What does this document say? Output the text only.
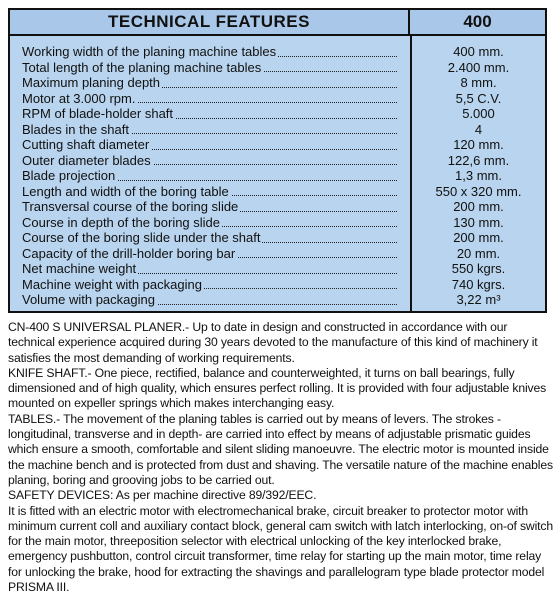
TECHNICAL FEATURES	400
Working width of the planing machine tables	400 mm.
Total length of the planing machine tables	2.400 mm.
Maximum planing depth	8 mm.
Motor at 3.000 rpm.	5,5 C.V.
RPM of blade-holder shaft	5.000
Blades in the shaft	4
Cutting shaft diameter	120 mm.
Outer diameter blades	122,6 mm.
Blade projection	1,3 mm.
Length and width of the boring table	550 x 320 mm.
Transversal course of the boring slide	200 mm.
Course in depth of the boring slide	130 mm.
Course of the boring slide under the shaft	200 mm.
Capacity of the drill-holder boring bar	20 mm.
Net machine weight	550 kgrs.
Machine weight with packaging	740 kgrs.
Volume with packaging	3,22 m³

CN-400 S UNIVERSAL PLANER.- Up to date in design and constructed in accordance with our technical experience acquired during 30 years devoted to the manufacture of this kind of machinery it satisfies the most demanding of working requirements.

KNIFE SHAFT.- One piece, rectified, balance and counterweighted, it turns on ball bearings, fully dimensioned and of high quality, which ensures perfect rolling. It is provided with four adjustable knives mounted on expeller springs which makes interchanging easy.

TABLES.- The movement of the planing tables is carried out by means of levers. The strokes -longitudinal, transverse and in depth- are carried into effect by means of adjustable prismatic guides which ensure a smooth, comfortable and silent sliding manoeuvre. The electric motor is mounted inside the machine bench and is protected from dust and shaving. The versatile nature of the machine enables planing, boring and grooving jobs to be carried out.

SAFETY DEVICES: As per machine directive 89/392/EEC.

It is fitted with an electric motor with electromechanical brake, circuit breaker to protector motor with minimum current coll and auxiliary contact block, general cam switch with latch interlocking, on-of switch for the main motor, threeposition selector with electrical unlocking of the key interlocked brake, emergency pushbutton, control circuit transformer, time relay for starting up the main motor, time relay for unlocking the brake, hood for extracting the shavings and parallelogram type blade protector model PRISMA III.
